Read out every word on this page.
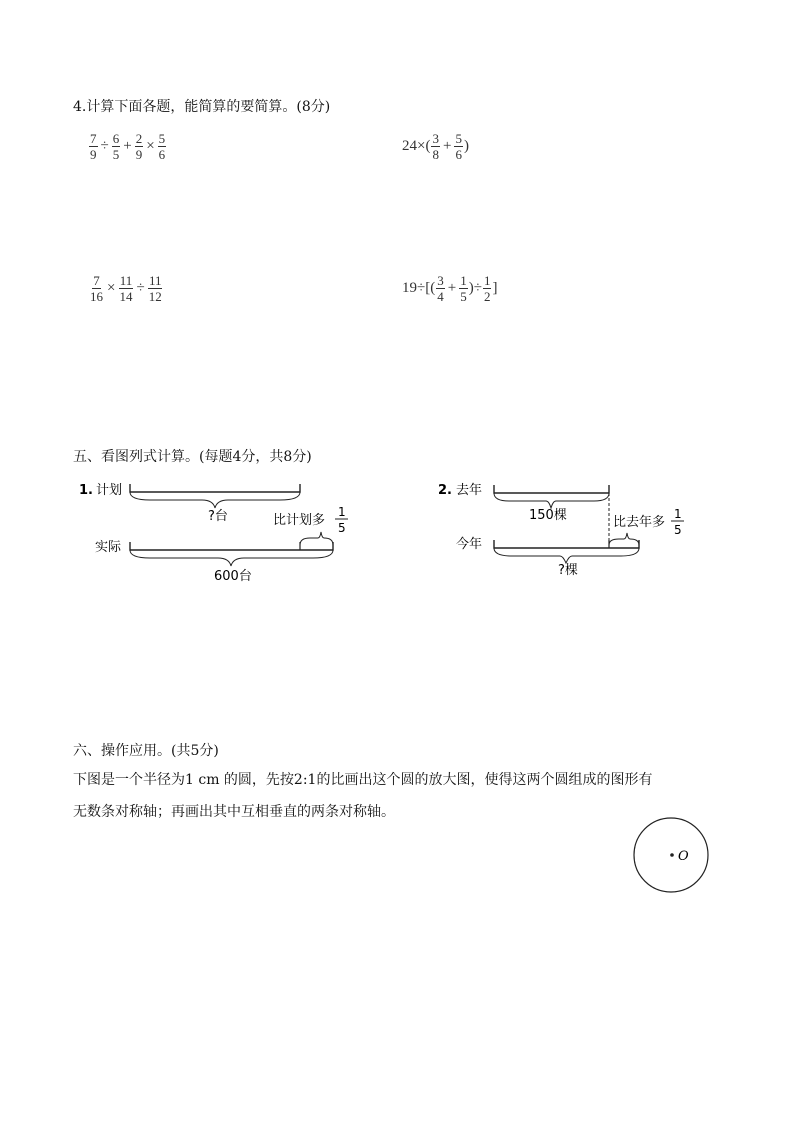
4.计算下面各题，能简算的要简算。(8分)
$\frac{7}{9} \div \frac{6}{5} + \frac{2}{9} \times \frac{5}{6}$	$24\times( \frac{3}{8} + \frac{5}{6}$ )
$\frac{7}{16} \times \frac{11}{14} \div \frac{11}{12}$	$19\div[( \frac{3}{4} + \frac{1}{5}$ )÷ $\frac{1}{2}$ ]
五、看图列式计算。(每题4分，共8分)
1. 计划
?台	比计划多
1
5
实际
600台
2. 去年
150棵	比去年多
1
5
今年
?棵
六、操作应用。(共5分)
下图是一个半径为1 cm 的圆，先按2:1的比画出这个圆的放大图，使得这两个圆组成的图形有
无数条对称轴；再画出其中互相垂直的两条对称轴。
O
